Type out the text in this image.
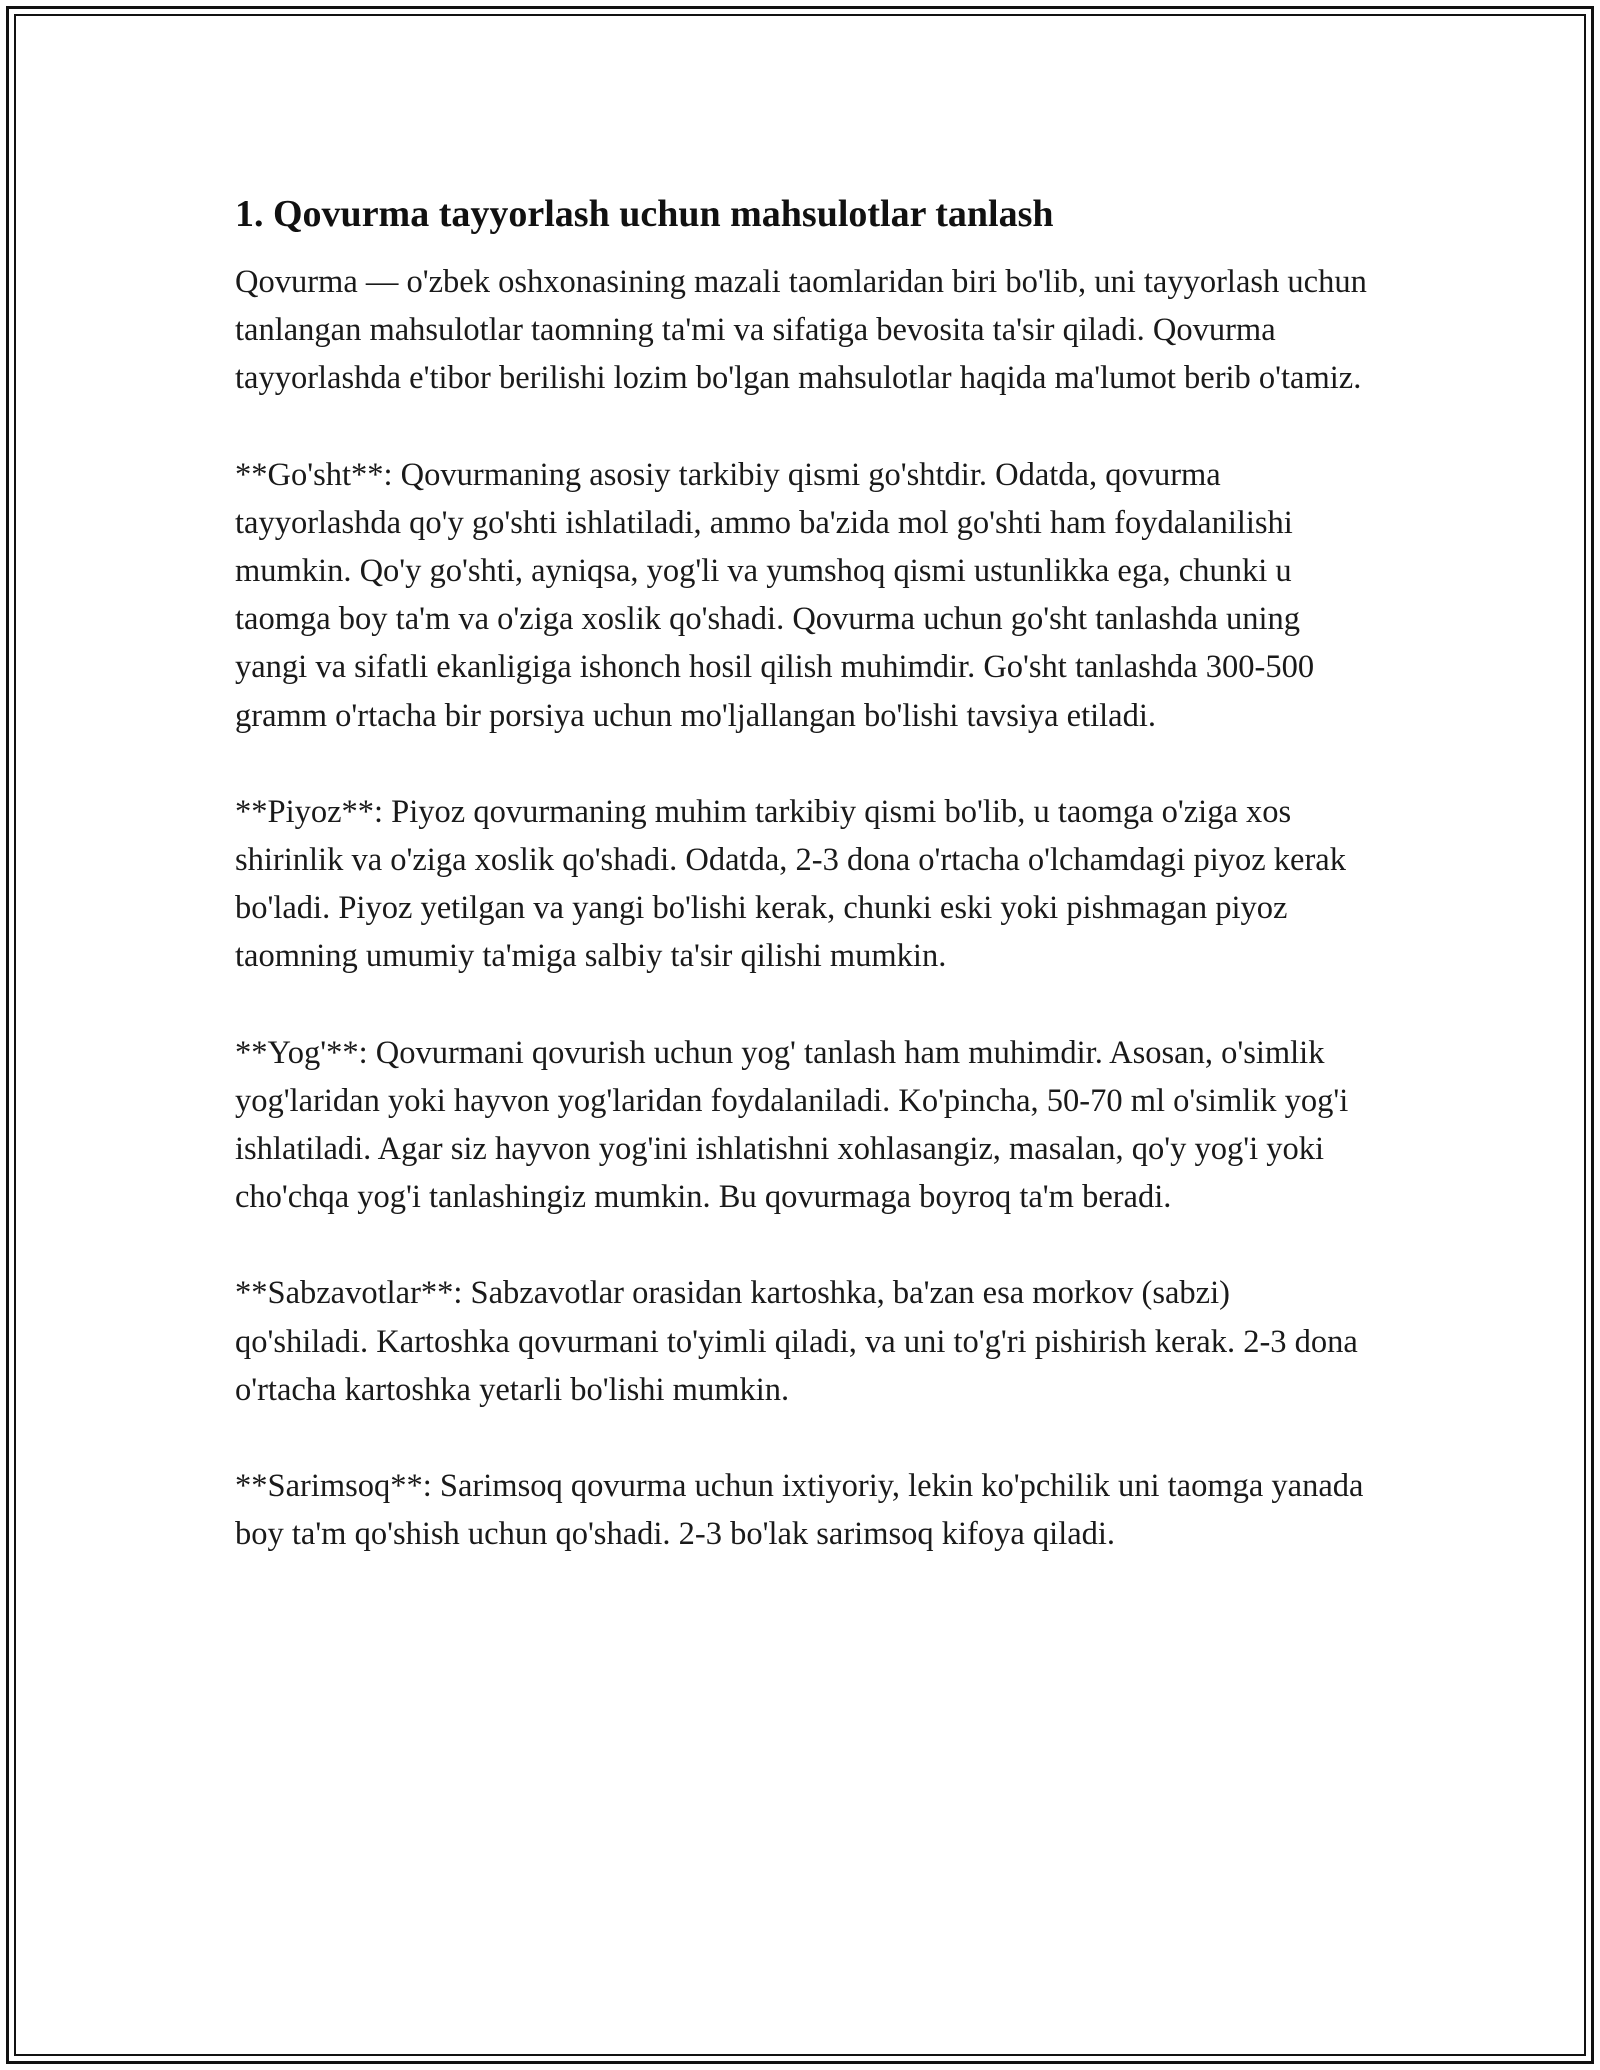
1. Qovurma tayyorlash uchun mahsulotlar tanlash

Qovurma — o'zbek oshxonasining mazali taomlaridan biri bo'lib, uni tayyorlash uchun tanlangan mahsulotlar taomning ta'mi va sifatiga bevosita ta'sir qiladi. Qovurma tayyorlashda e'tibor berilishi lozim bo'lgan mahsulotlar haqida ma'lumot berib o'tamiz.

**Go'sht**: Qovurmaning asosiy tarkibiy qismi go'shtdir. Odatda, qovurma tayyorlashda qo'y go'shti ishlatiladi, ammo ba'zida mol go'shti ham foydalanilishi mumkin. Qo'y go'shti, ayniqsa, yog'li va yumshoq qismi ustunlikka ega, chunki u taomga boy ta'm va o'ziga xoslik qo'shadi. Qovurma uchun go'sht tanlashda uning yangi va sifatli ekanligiga ishonch hosil qilish muhimdir. Go'sht tanlashda 300-500 gramm o'rtacha bir porsiya uchun mo'ljallangan bo'lishi tavsiya etiladi.

**Piyoz**: Piyoz qovurmaning muhim tarkibiy qismi bo'lib, u taomga o'ziga xos shirinlik va o'ziga xoslik qo'shadi. Odatda, 2-3 dona o'rtacha o'lchamdagi piyoz kerak bo'ladi. Piyoz yetilgan va yangi bo'lishi kerak, chunki eski yoki pishmagan piyoz taomning umumiy ta'miga salbiy ta'sir qilishi mumkin.

**Yog'**: Qovurmani qovurish uchun yog' tanlash ham muhimdir. Asosan, o'simlik yog'laridan yoki hayvon yog'laridan foydalaniladi. Ko'pincha, 50-70 ml o'simlik yog'i ishlatiladi. Agar siz hayvon yog'ini ishlatishni xohlasangiz, masalan, qo'y yog'i yoki cho'chqa yog'i tanlashingiz mumkin. Bu qovurmaga boyroq ta'm beradi.

**Sabzavotlar**: Sabzavotlar orasidan kartoshka, ba'zan esa morkov (sabzi) qo'shiladi. Kartoshka qovurmani to'yimli qiladi, va uni to'g'ri pishirish kerak. 2-3 dona o'rtacha kartoshka yetarli bo'lishi mumkin.

**Sarimsoq**: Sarimsoq qovurma uchun ixtiyoriy, lekin ko'pchilik uni taomga yanada boy ta'm qo'shish uchun qo'shadi. 2-3 bo'lak sarimsoq kifoya qiladi.
